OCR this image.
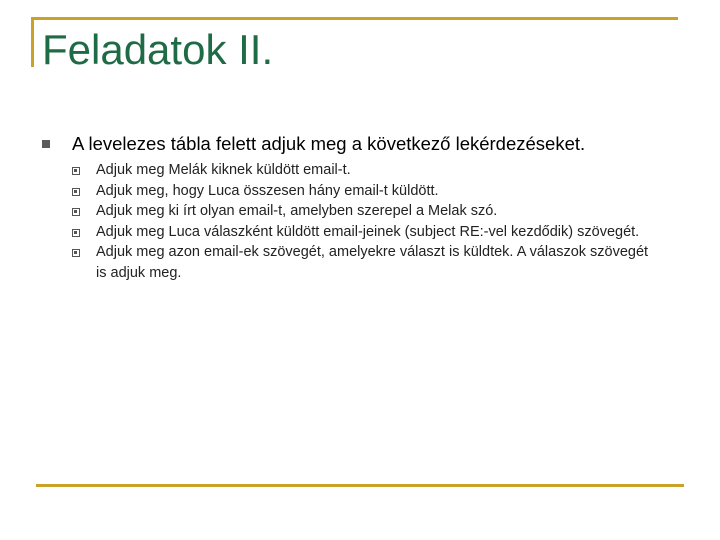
Feladatok II.
A levelezes tábla felett adjuk meg a következő lekérdezéseket.
Adjuk meg Melák kiknek küldött email-t.
Adjuk meg, hogy Luca összesen hány email-t küldött.
Adjuk meg ki írt olyan email-t, amelyben szerepel a Melak szó.
Adjuk meg Luca válaszként küldött email-jeinek (subject RE:-vel kezdődik) szövegét.
Adjuk meg azon email-ek szövegét, amelyekre választ is küldtek. A válaszok szövegét is adjuk meg.
